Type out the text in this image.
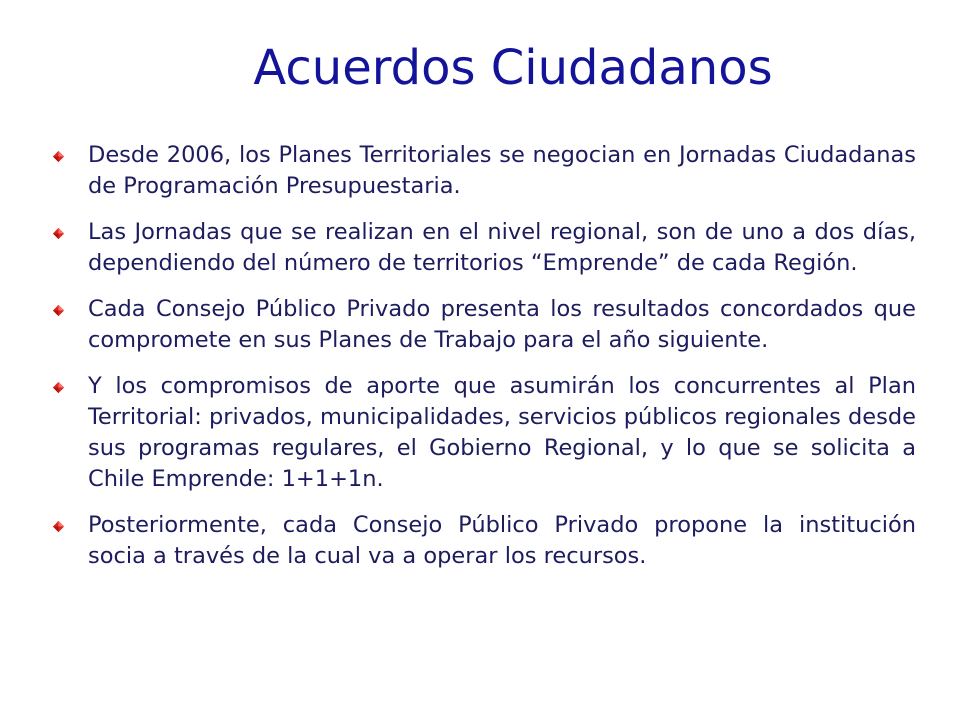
Acuerdos Ciudadanos
Desde 2006, los Planes Territoriales se negocian en Jornadas Ciudadanas de Programación Presupuestaria.
Las Jornadas que se realizan en el nivel regional, son de uno a dos días, dependiendo del número de territorios “Emprende” de cada Región.
Cada Consejo Público Privado presenta los resultados concordados que compromete en sus Planes de Trabajo para el año siguiente.
Y los compromisos de aporte que asumirán los concurrentes al Plan Territorial: privados, municipalidades, servicios públicos regionales desde sus programas regulares, el Gobierno Regional, y lo que se solicita a Chile Emprende: 1+1+1n.
Posteriormente, cada Consejo Público Privado propone la institución socia a través de la cual va a operar los recursos.
